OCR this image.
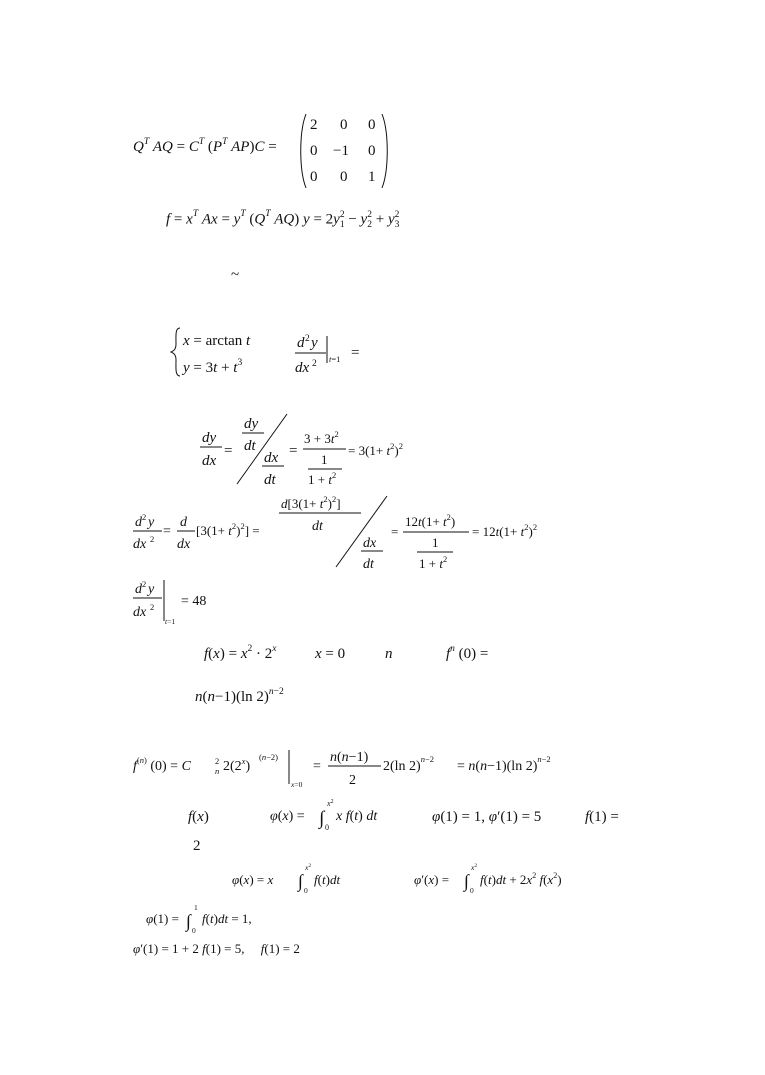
$Q^T$ AQ = $C^T$ ($P^T$ AP)C =
2 0 0
0 −1 0
0 0 1
$f = x^T$ $Ax = y^T$ ($Q^T$ AQ) y = 2y 2
1 − y 2
2 + y 2
3
~
x = arctan t
$y = 3t + t^3$
d 2 y
dx 2 t=1 =
dy
dx
=
dy
dt
dx
dt
=
$3 + 3t^2$
1
$1 + t^2$
= $3(1+ t^2)^2$
d 2 y
dx 2 =
d
dx
$[3(1+ t^2)^2]$ =
$d[3(1+ t^2)^2]$
dt
dx
dt
=
$12t(1+ t^2)$
1
$1 + t^2$
= $12t(1+ t^2)^2$
d 2 y
dx 2
t=1
= 48
$f(x) = x^2 \cdot 2^x$	x = 0	n	$f^n$ (0) =
n(n−1)(ln 2)$^{n-2}$
$f^{(n)}$ (0) = C	2
n 2(2$^x$)
(n−2)
x=0
=
n(n−1)
2
2(ln 2)$^{n-2}$ = n(n−1)(ln 2)$^{n-2}$
f(x)	φ(x) = ∫
$x^2$
0
x f(t) dt	φ(1) = 1, φ′(1) = 5	f(1) =
2
φ(x) = x ∫
$x^2$
0
f(t)dt	φ′(x) = ∫
$x^2$
0
$f(t)dt + 2x^2$ $f(x^2)$
φ(1) = ∫
1
0
f(t)dt = 1,
φ′(1) = 1 + 2 f(1) = 5,     f(1) = 2
